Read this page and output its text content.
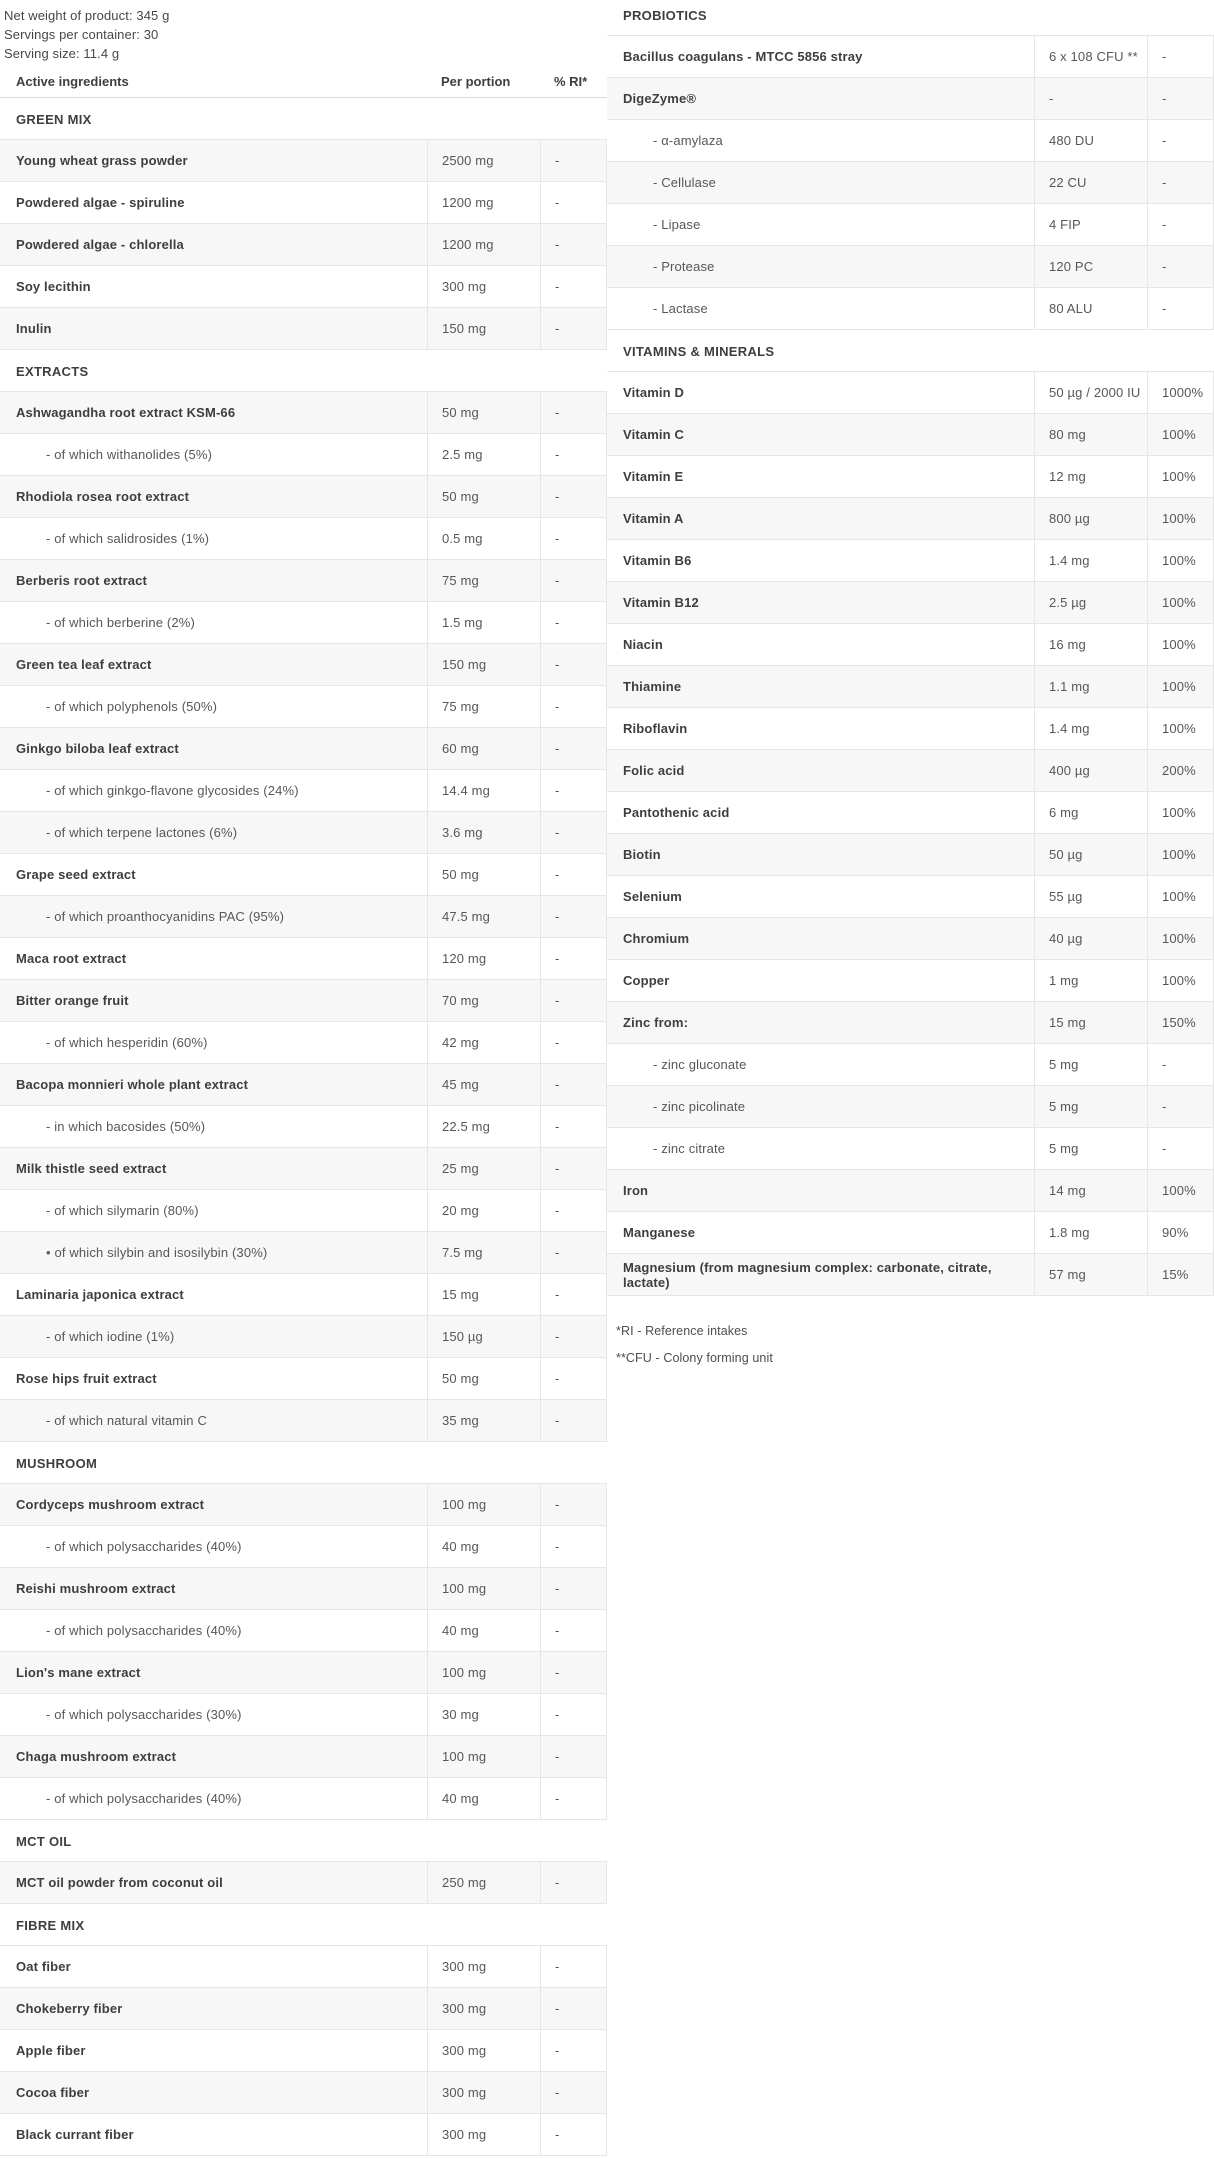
Net weight of product: 345 g
Servings per container: 30
Serving size: 11.4 g
Active ingredients	Per portion	% RI*
GREEN MIX
Young wheat grass powder	2500 mg	-
Powdered algae - spiruline	1200 mg	-
Powdered algae - chlorella	1200 mg	-
Soy lecithin	300 mg	-
Inulin	150 mg	-
EXTRACTS
Ashwagandha root extract KSM-66	50 mg	-
- of which withanolides (5%)	2.5 mg	-
Rhodiola rosea root extract	50 mg	-
- of which salidrosides (1%)	0.5 mg	-
Berberis root extract	75 mg	-
- of which berberine (2%)	1.5 mg	-
Green tea leaf extract	150 mg	-
- of which polyphenols (50%)	75 mg	-
Ginkgo biloba leaf extract	60 mg	-
- of which ginkgo-flavone glycosides (24%)	14.4 mg	-
- of which terpene lactones (6%)	3.6 mg	-
Grape seed extract	50 mg	-
- of which proanthocyanidins PAC (95%)	47.5 mg	-
Maca root extract	120 mg	-
Bitter orange fruit	70 mg	-
- of which hesperidin (60%)	42 mg	-
Bacopa monnieri whole plant extract	45 mg	-
- in which bacosides (50%)	22.5 mg	-
Milk thistle seed extract	25 mg	-
- of which silymarin (80%)	20 mg	-
• of which silybin and isosilybin (30%)	7.5 mg	-
Laminaria japonica extract	15 mg	-
- of which iodine (1%)	150 µg	-
Rose hips fruit extract	50 mg	-
- of which natural vitamin C	35 mg	-
MUSHROOM
Cordyceps mushroom extract	100 mg	-
- of which polysaccharides (40%)	40 mg	-
Reishi mushroom extract	100 mg	-
- of which polysaccharides (40%)	40 mg	-
Lion's mane extract	100 mg	-
- of which polysaccharides (30%)	30 mg	-
Chaga mushroom extract	100 mg	-
- of which polysaccharides (40%)	40 mg	-
MCT OIL
MCT oil powder from coconut oil	250 mg	-
FIBRE MIX
Oat fiber	300 mg	-
Chokeberry fiber	300 mg	-
Apple fiber	300 mg	-
Cocoa fiber	300 mg	-
Black currant fiber	300 mg	-
PROBIOTICS
Bacillus coagulans - MTCC 5856 stray	6 x 108 CFU **	-
DigeZyme®	-	-
- α-amylaza	480 DU	-
- Cellulase	22 CU	-
- Lipase	4 FIP	-
- Protease	120 PC	-
- Lactase	80 ALU	-
VITAMINS & MINERALS
Vitamin D	50 µg / 2000 IU	1000%
Vitamin C	80 mg	100%
Vitamin E	12 mg	100%
Vitamin A	800 µg	100%
Vitamin B6	1.4 mg	100%
Vitamin B12	2.5 µg	100%
Niacin	16 mg	100%
Thiamine	1.1 mg	100%
Riboflavin	1.4 mg	100%
Folic acid	400 µg	200%
Pantothenic acid	6 mg	100%
Biotin	50 µg	100%
Selenium	55 µg	100%
Chromium	40 µg	100%
Copper	1 mg	100%
Zinc from:	15 mg	150%
- zinc gluconate	5 mg	-
- zinc picolinate	5 mg	-
- zinc citrate	5 mg	-
Iron	14 mg	100%
Manganese	1.8 mg	90%
Magnesium (from magnesium complex: carbonate, citrate, lactate)	57 mg	15%
*RI - Reference intakes
**CFU - Colony forming unit
